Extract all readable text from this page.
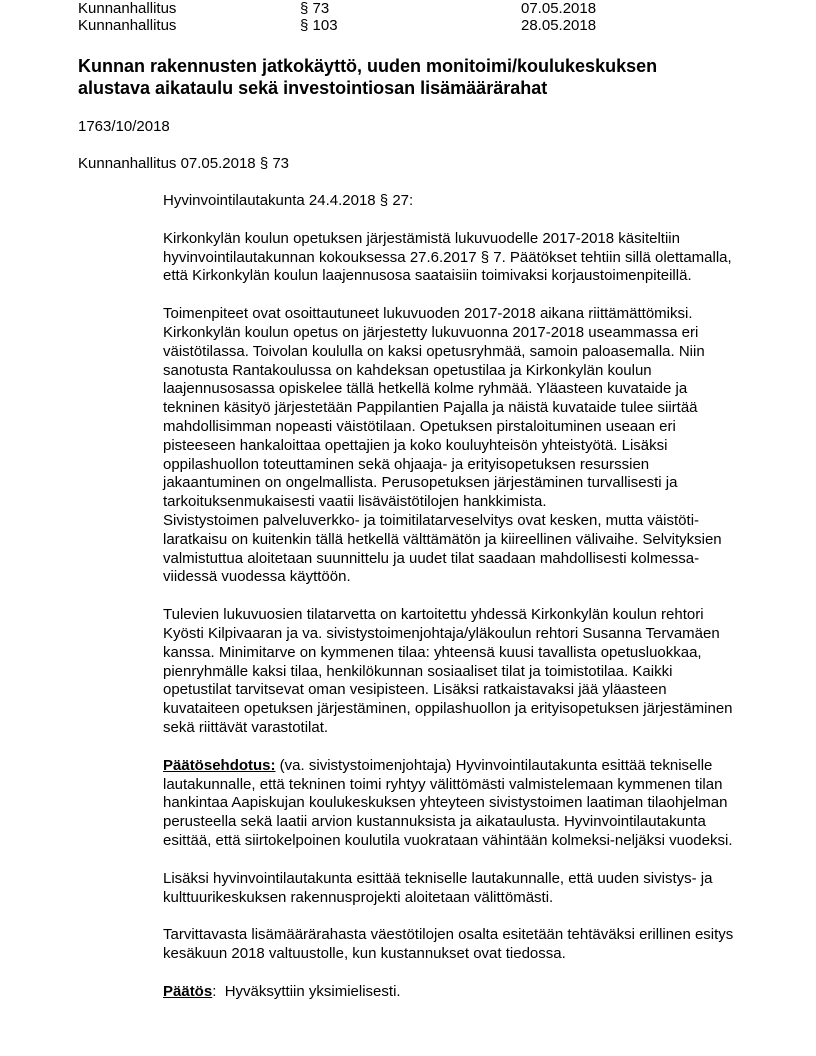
Kunnanhallitus	§ 73	07.05.2018
Kunnanhallitus	§ 103	28.05.2018
Kunnan rakennusten jatkokäyttö, uuden monitoimi/koulukeskuksen alustava aikataulu sekä investointiosan lisämäärärahat

1763/10/2018

Kunnanhallitus 07.05.2018 § 73

Hyvinvointilautakunta 24.4.2018 § 27:

Kirkonkylän koulun opetuksen järjestämistä lukuvuodelle 2017-2018 käsiteltiin hyvinvointilautakunnan kokouksessa 27.6.2017 § 7. Päätökset tehtiin sillä olettamalla, että Kirkonkylän koulun laajennusosa saataisiin toimivaksi korjaustoimenpiteillä.

Toimenpiteet ovat osoittautuneet lukuvuoden 2017-2018 aikana riittämättömiksi. Kirkonkylän koulun opetus on järjestetty lukuvuonna 2017-2018 useammassa eri väistötilassa. Toivolan koululla on kaksi opetusryhmää, samoin paloasemalla. Niin sanotusta Rantakoulussa on kahdeksan opetustilaa ja Kirkonkylän koulun laajennusosassa opiskelee tällä hetkellä kolme ryhmää. Yläasteen kuvataide ja tekninen käsityö järjestetään Pappilantien Pajalla ja näistä kuvataide tulee siirtää mahdollisimman nopeasti väistötilaan. Opetuksen pirstaloituminen useaan eri pisteeseen hankaloittaa opettajien ja koko kouluyhteisön yhteistyötä. Lisäksi oppilashuollon toteuttaminen sekä ohjaaja- ja erityisopetuksen resurssien jakaantuminen on ongelmallista. Perusopetuksen järjestäminen turvallisesti ja tarkoituksenmukaisesti vaatii lisäväistötilojen hankkimista.

Sivistystoimen palveluverkko- ja toimitilatarveselvitys ovat kesken, mutta väistöti-laratkaisu on kuitenkin tällä hetkellä välttämätön ja kiireellinen välivaihe. Selvityksien valmistuttua aloitetaan suunnittelu ja uudet tilat saadaan mahdollisesti kolmessa-viidessä vuodessa käyttöön.

Tulevien lukuvuosien tilatarvetta on kartoitettu yhdessä Kirkonkylän koulun rehtori Kyösti Kilpivaaran ja va. sivistystoimenjohtaja/yläkoulun rehtori Susanna Tervamäen kanssa. Minimitarve on kymmenen tilaa: yhteensä kuusi tavallista opetusluokkaa, pienryhmälle kaksi tilaa, henkilökunnan sosiaaliset tilat ja toimistotilaa. Kaikki opetustilat tarvitsevat oman vesipisteen. Lisäksi ratkaistavaksi jää yläasteen kuvataiteen opetuksen järjestäminen, oppilashuollon ja erityisopetuksen järjestäminen sekä riittävät varastotilat.

Päätösehdotus: (va. sivistystoimenjohtaja) Hyvinvointilautakunta esittää tekniselle lautakunnalle, että tekninen toimi ryhtyy välittömästi valmistelemaan kymmenen tilan hankintaa Aapiskujan koulukeskuksen yhteyteen sivistystoimen laatiman tilaohjelman perusteella sekä laatii arvion kustannuksista ja aikataulusta. Hyvinvointilautakunta esittää, että siirtokelpoinen koulutila vuokrataan vähintään kolmeksi-neljäksi vuodeksi.

Lisäksi hyvinvointilautakunta esittää tekniselle lautakunnalle, että uuden sivistys- ja kulttuurikeskuksen rakennusprojekti aloitetaan välittömästi.

Tarvittavasta lisämäärärahasta väestötilojen osalta esitetään tehtäväksi erillinen esitys kesäkuun 2018 valtuustolle, kun kustannukset ovat tiedossa.

Päätös:  Hyväksyttiin yksimielisesti.
